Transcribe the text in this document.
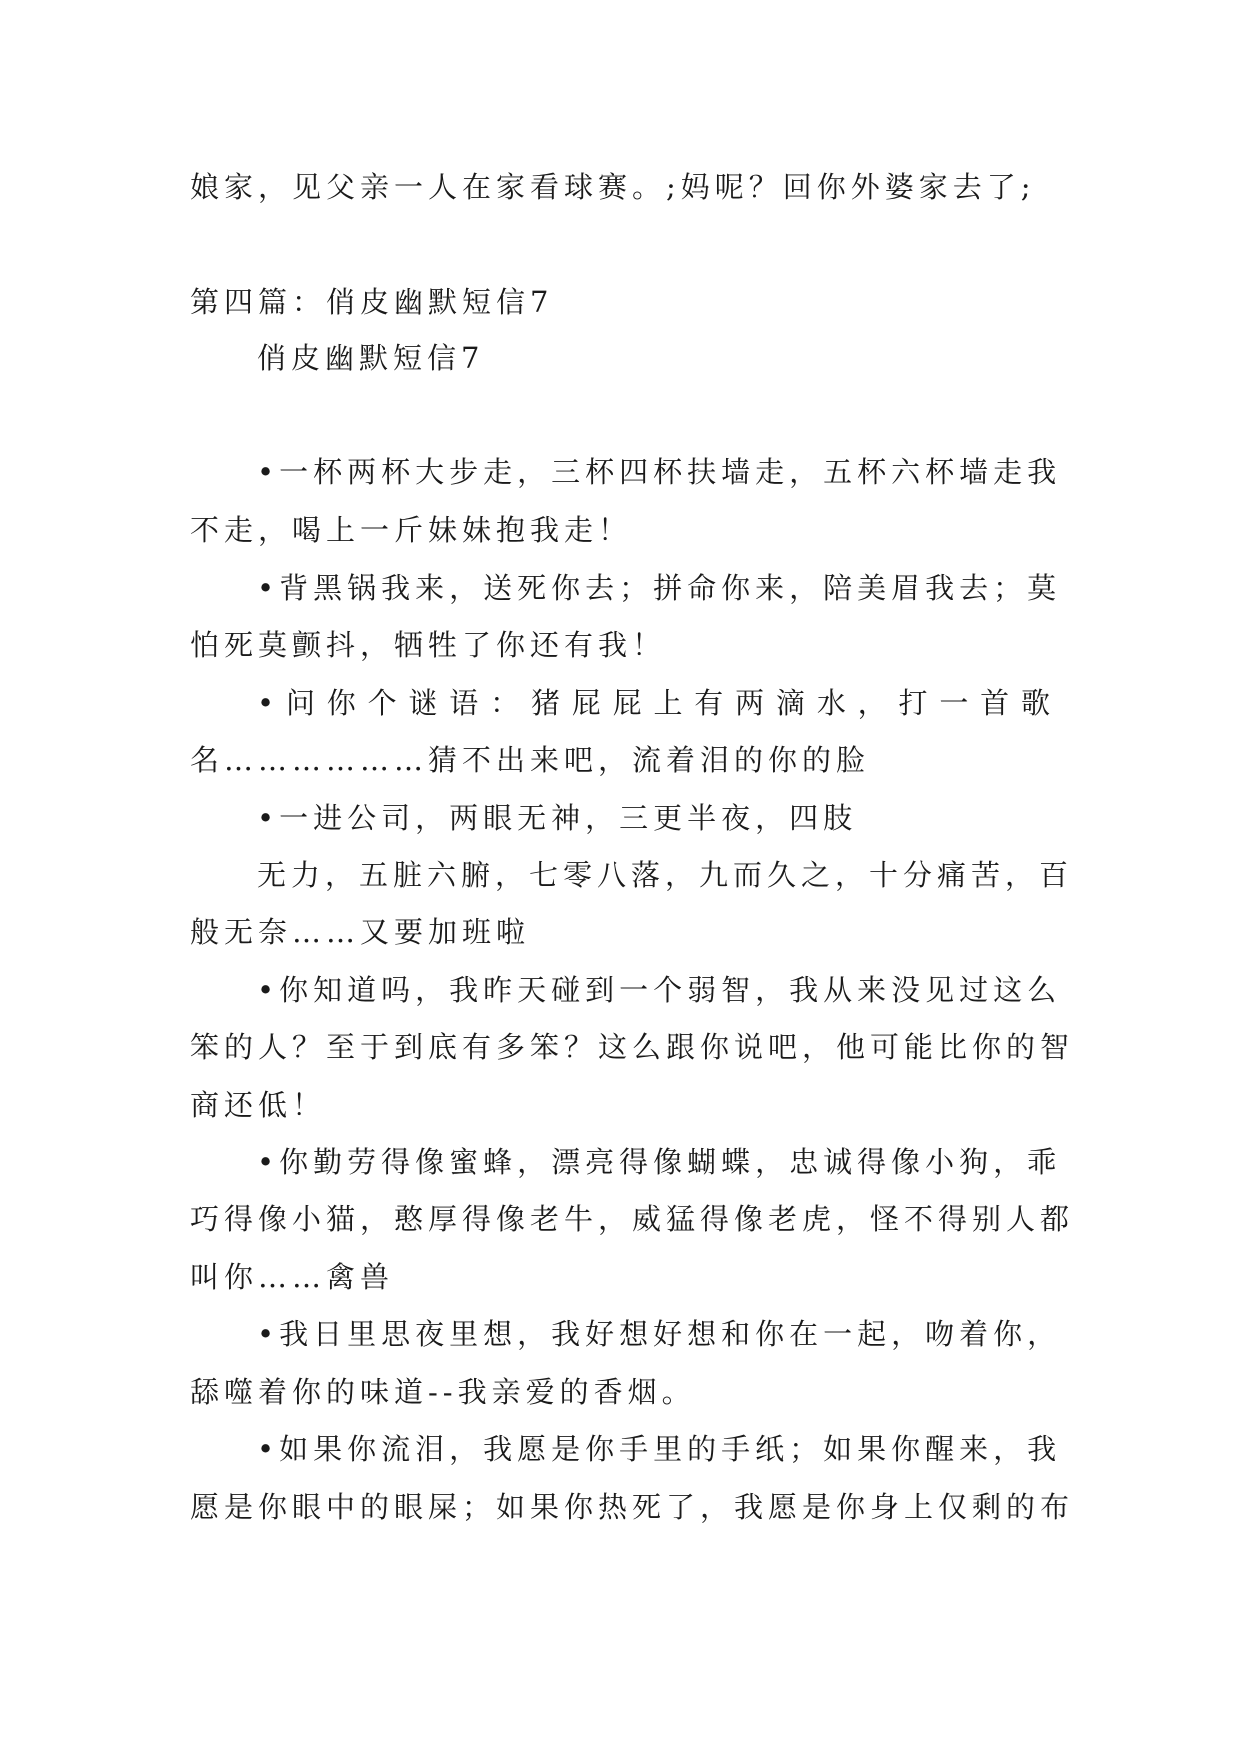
娘家，见父亲一人在家看球赛。;妈呢？回你外婆家去了;
第四篇：俏皮幽默短信7
俏皮幽默短信7
•一杯两杯大步走，三杯四杯扶墙走，五杯六杯墙走我
不走，喝上一斤妹妹抱我走！
•背黑锅我来，送死你去；拼命你来，陪美眉我去；莫
怕死莫颤抖，牺牲了你还有我！
•问你个谜语：猪屁屁上有两滴水，打一首歌
名………………猜不出来吧，流着泪的你的脸
•一进公司，两眼无神，三更半夜，四肢
无力，五脏六腑，七零八落，九而久之，十分痛苦，百
般无奈……又要加班啦
•你知道吗，我昨天碰到一个弱智，我从来没见过这么
笨的人？至于到底有多笨？这么跟你说吧，他可能比你的智
商还低！
•你勤劳得像蜜蜂，漂亮得像蝴蝶，忠诚得像小狗，乖
巧得像小猫，憨厚得像老牛，威猛得像老虎，怪不得别人都
叫你……禽兽
•我日里思夜里想，我好想好想和你在一起，吻着你，
舔噬着你的味道--我亲爱的香烟。
•如果你流泪，我愿是你手里的手纸；如果你醒来，我
愿是你眼中的眼屎；如果你热死了，我愿是你身上仅剩的布
